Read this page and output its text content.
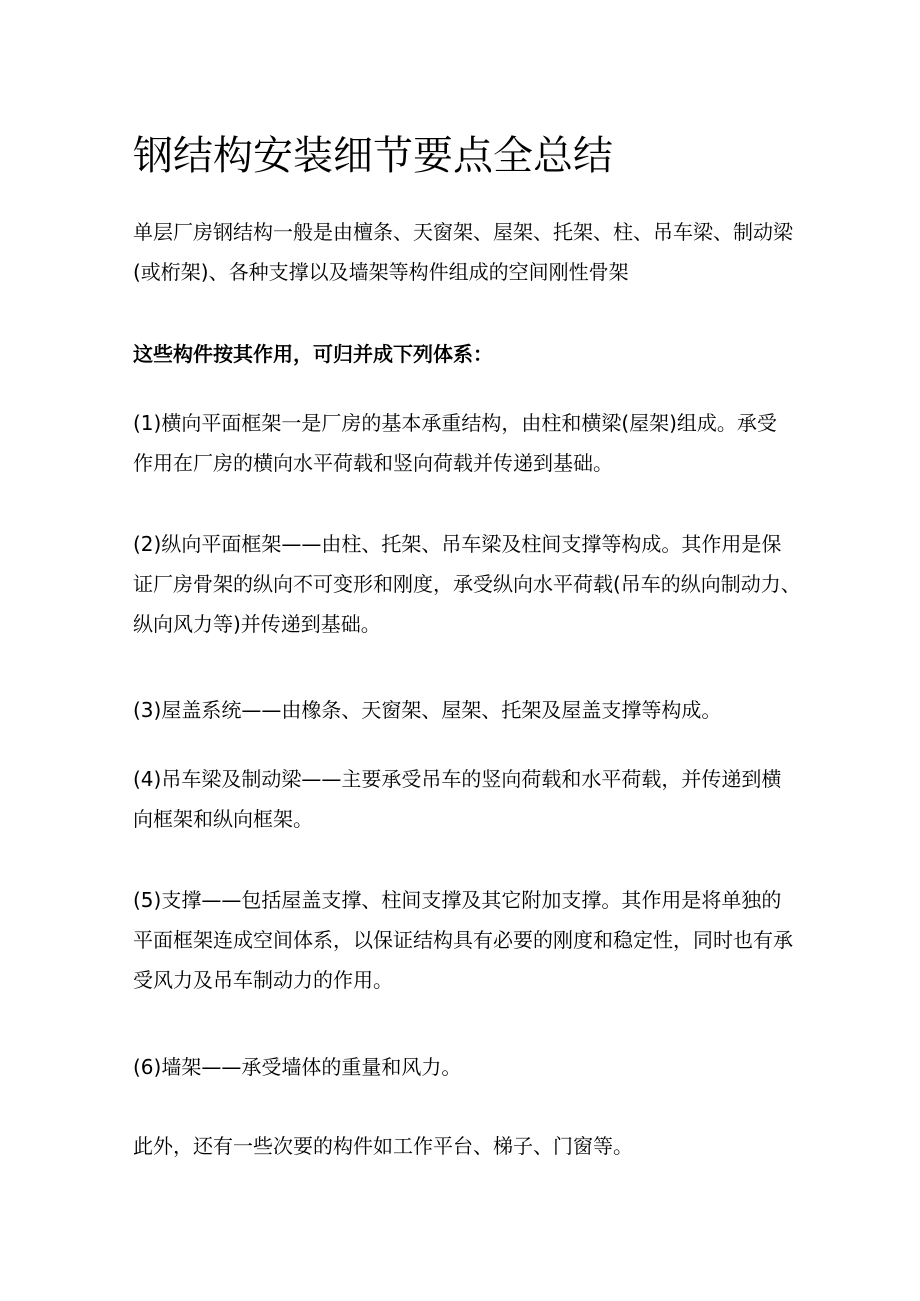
钢结构安装细节要点全总结

单层厂房钢结构一般是由檀条、天窗架、屋架、托架、柱、吊车梁、制动梁
(或桁架)、各种支撑以及墙架等构件组成的空间刚性骨架

这些构件按其作用，可归并成下列体系：

(1)横向平面框架一是厂房的基本承重结构，由柱和横梁(屋架)组成。承受
作用在厂房的横向水平荷载和竖向荷载并传递到基础。

(2)纵向平面框架——由柱、托架、吊车梁及柱间支撑等构成。其作用是保
证厂房骨架的纵向不可变形和刚度，承受纵向水平荷载(吊车的纵向制动力、
纵向风力等)并传递到基础。

(3)屋盖系统——由橡条、天窗架、屋架、托架及屋盖支撑等构成。

(4)吊车梁及制动梁——主要承受吊车的竖向荷载和水平荷载，并传递到横
向框架和纵向框架。

(5)支撑——包括屋盖支撑、柱间支撑及其它附加支撑。其作用是将单独的
平面框架连成空间体系，以保证结构具有必要的刚度和稳定性，同时也有承
受风力及吊车制动力的作用。

(6)墙架——承受墙体的重量和风力。

此外，还有一些次要的构件如工作平台、梯子、门窗等。
